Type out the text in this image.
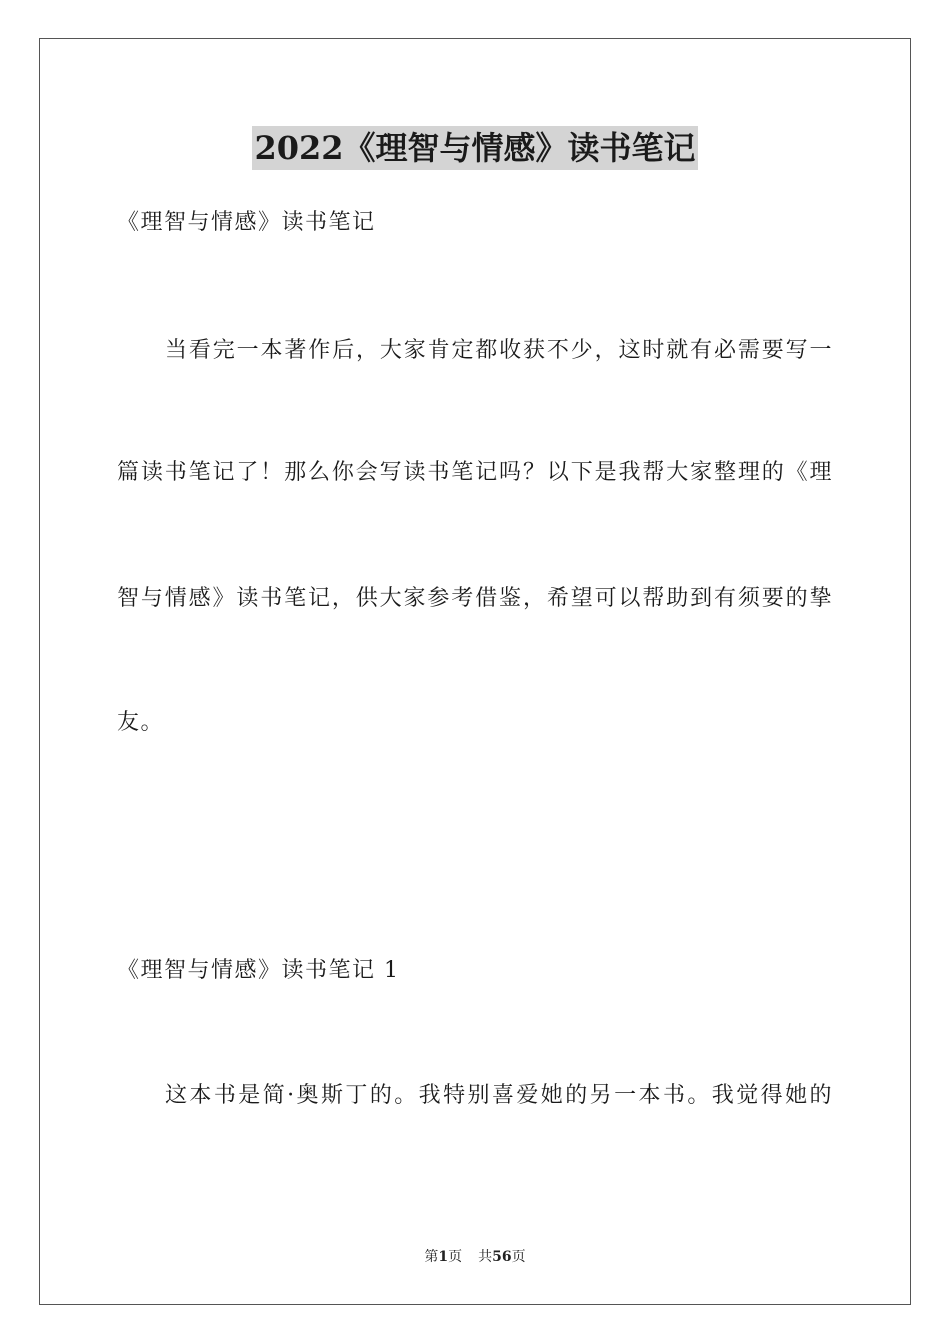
2022《理智与情感》读书笔记
《理智与情感》读书笔记
当看完一本著作后，大家肯定都收获不少，这时就有必需要写一
篇读书笔记了！那么你会写读书笔记吗？以下是我帮大家整理的《理
智与情感》读书笔记，供大家参考借鉴，希望可以帮助到有须要的挚
友。
《理智与情感》读书笔记 1
这本书是简·奥斯丁的。我特别喜爱她的另一本书。我觉得她的
第1页 共56页
